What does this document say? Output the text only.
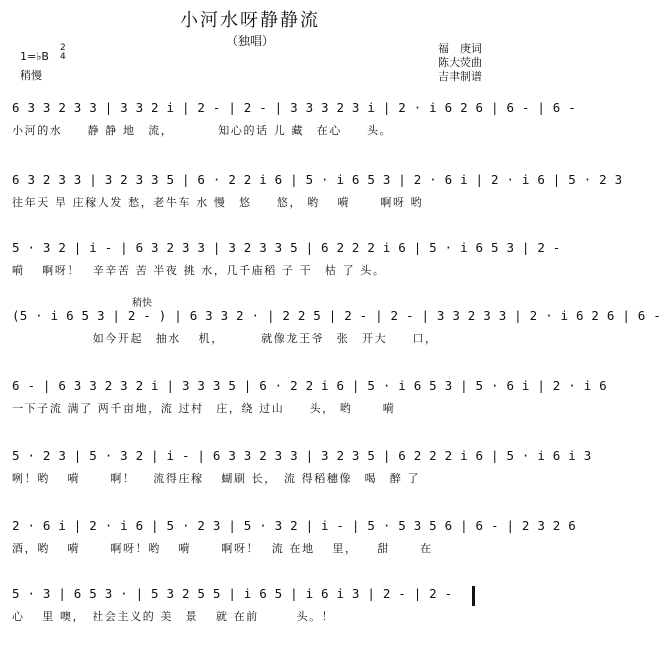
小河水呀静静流
（独唱）
1=♭B
2
4
稍慢
福　庚词
陈大荧曲
吉聿制谱
6 3 3 2 3 3 | 3 3 2 i | 2 - | 2 - | 3 3 3 2 3 i | 2 · i 6 2 6 | 6 - | 6 -
小河的水　　静 静 地　流，　　　　知心的话 儿 藏　在心　　头。
6 3 2 3 3 | 3 2 3 3 5 | 6 · 2 2 i 6 | 5 · i 6 5 3 | 2 · 6 i | 2 · i 6 | 5 · 2 3
往年天 旱 庄稼人发 愁，老牛车 水 慢　悠　　悠， 哟　 嗬　　 啊呀 哟
5 · 3 2 | i - | 6 3 2 3 3 | 3 2 3 3 5 | 6 2 2 2 i 6 | 5 · i 6 5 3 | 2 -
嗬　 啊呀！　辛辛苦 苦 半夜 挑 水，几千庙稻 子 干　枯 了 头。
稍快
(5 · i 6 5 3 | 2 - ) | 6 3 3 2 · | 2 2 5 | 2 - | 2 - | 3 3 2 3 3 | 2 · i 6 2 6 | 6 -
　　　　　　 如今开起　抽水　 机，　　　 就像龙王爷　张　开大　　口，
6 - | 6 3 3 2 3 2 i | 3 3 3 5 | 6 · 2 2 i 6 | 5 · i 6 5 3 | 5 · 6 i | 2 · i 6
一下子流 满了 两千亩地，流 过村　庄，绕 过山　　头， 哟　　 嗬
5 · 2 3 | 5 · 3 2 | i - | 6 3 3 2 3 3 | 3 2 3 5 | 6 2 2 2 i 6 | 5 · i 6 i 3
咧！哟　 嗬　　 啊！　 流得庄稼　 蝴刷 长，　流 得稻穗像　喝　醉 了
2 · 6 i | 2 · i 6 | 5 · 2 3 | 5 · 3 2 | i - | 5 · 5 3 5 6 | 6 - | 2 3 2 6
酒，哟　 嗬　　 啊呀！哟　 嗬　　 啊呀！　流 在地　 里，　　甜　　 在
5 · 3 | 6 5 3 · | 5 3 2 5 5 | i 6 5 | i 6 i 3 | 2 - | 2 -
心　 里 噢，　社会主义的 美　景　 就 在前　　　头。！
